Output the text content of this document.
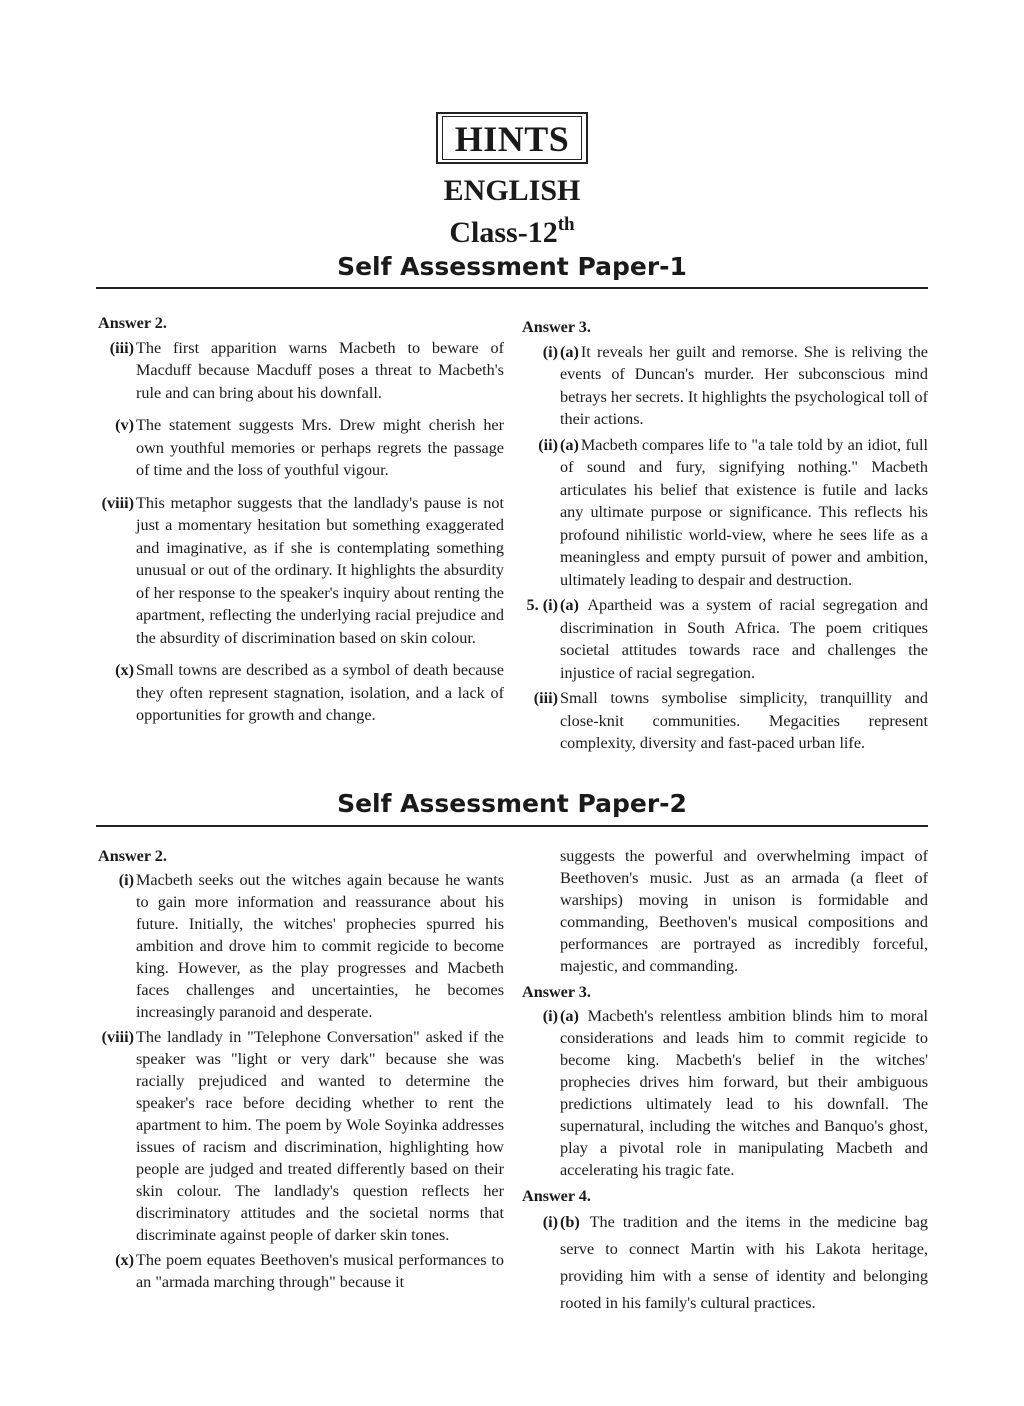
HINTS
ENGLISH
Class-12th
Self Assessment Paper-1
Answer 2.
(iii) The first apparition warns Macbeth to beware of Macduff because Macduff poses a threat to Macbeth's rule and can bring about his downfall.
(v) The statement suggests Mrs. Drew might cherish her own youthful memories or perhaps regrets the passage of time and the loss of youthful vigour.
(viii) This metaphor suggests that the landlady's pause is not just a momentary hesitation but something exaggerated and imaginative, as if she is contemplating something unusual or out of the ordinary. It highlights the absurdity of her response to the speaker's inquiry about renting the apartment, reflecting the underlying racial prejudice and the absurdity of discrimination based on skin colour.
(x) Small towns are described as a symbol of death because they often represent stagnation, isolation, and a lack of opportunities for growth and change.
Answer 3.
(i) (a) It reveals her guilt and remorse. She is reliving the events of Duncan's murder. Her subconscious mind betrays her secrets. It highlights the psychological toll of their actions.
(ii) (a) Macbeth compares life to "a tale told by an idiot, full of sound and fury, signifying nothing." Macbeth articulates his belief that existence is futile and lacks any ultimate purpose or significance. This reflects his profound nihilistic world-view, where he sees life as a meaningless and empty pursuit of power and ambition, ultimately leading to despair and destruction.
5. (i) (a) Apartheid was a system of racial segregation and discrimination in South Africa. The poem critiques societal attitudes towards race and challenges the injustice of racial segregation.
(iii) Small towns symbolise simplicity, tranquillity and close-knit communities. Megacities represent complexity, diversity and fast-paced urban life.
Self Assessment Paper-2
Answer 2.
(i) Macbeth seeks out the witches again because he wants to gain more information and reassurance about his future. Initially, the witches' prophecies spurred his ambition and drove him to commit regicide to become king. However, as the play progresses and Macbeth faces challenges and uncertainties, he becomes increasingly paranoid and desperate.
(viii) The landlady in "Telephone Conversation" asked if the speaker was "light or very dark" because she was racially prejudiced and wanted to determine the speaker's race before deciding whether to rent the apartment to him. The poem by Wole Soyinka addresses issues of racism and discrimination, highlighting how people are judged and treated differently based on their skin colour. The landlady's question reflects her discriminatory attitudes and the societal norms that discriminate against people of darker skin tones.
(x) The poem equates Beethoven's musical performances to an "armada marching through" because it
suggests the powerful and overwhelming impact of Beethoven's music. Just as an armada (a fleet of warships) moving in unison is formidable and commanding, Beethoven's musical compositions and performances are portrayed as incredibly forceful, majestic, and commanding.
Answer 3.
(i) (a) Macbeth's relentless ambition blinds him to moral considerations and leads him to commit regicide to become king. Macbeth's belief in the witches' prophecies drives him forward, but their ambiguous predictions ultimately lead to his downfall. The supernatural, including the witches and Banquo's ghost, play a pivotal role in manipulating Macbeth and accelerating his tragic fate.
Answer 4.
(i) (b) The tradition and the items in the medicine bag serve to connect Martin with his Lakota heritage, providing him with a sense of identity and belonging rooted in his family's cultural practices.
